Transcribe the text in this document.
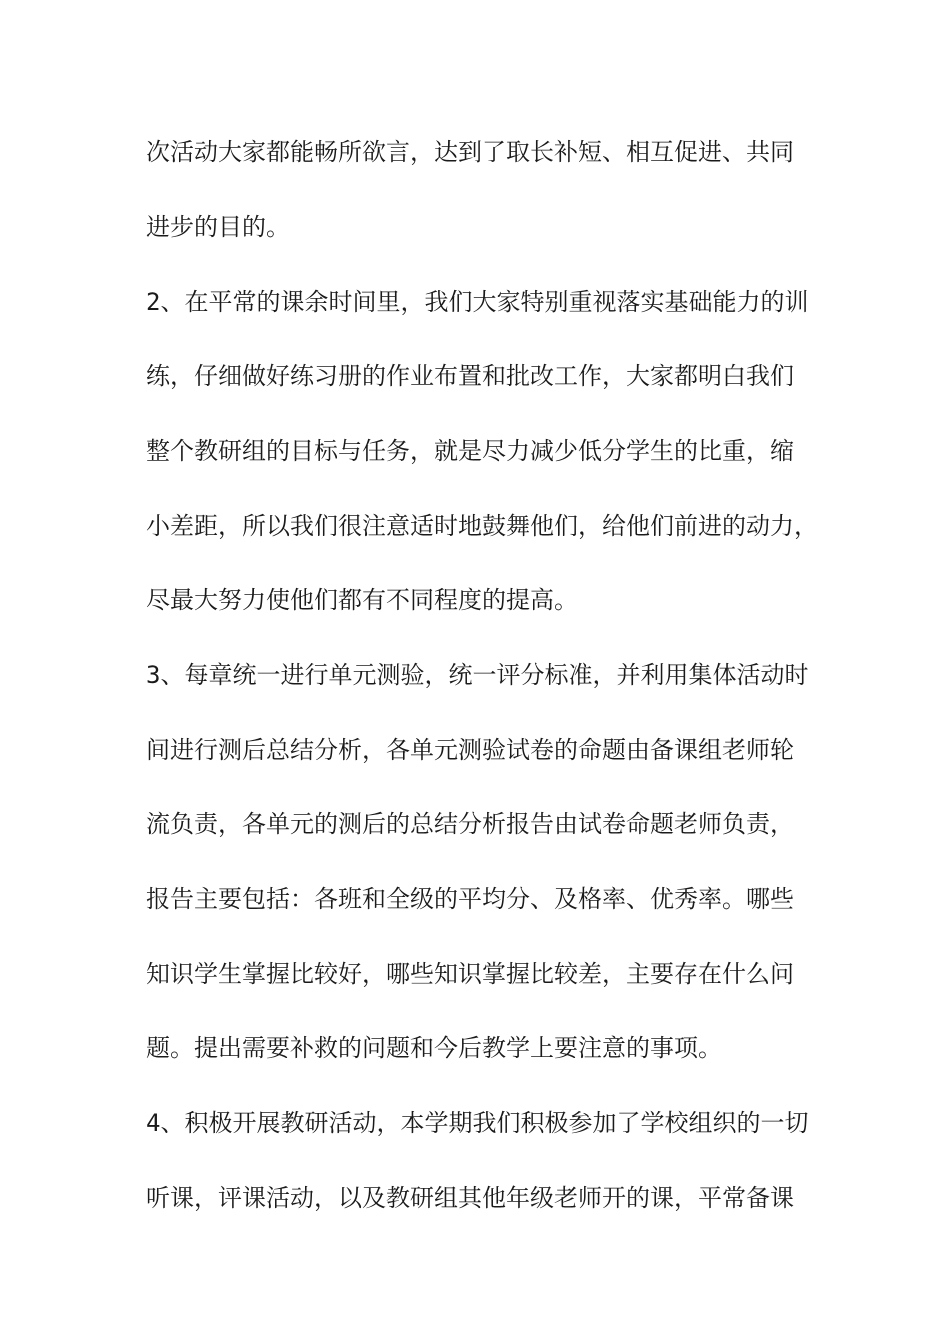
次活动大家都能畅所欲言，达到了取长补短、相互促进、共同

进步的目的。

2、在平常的课余时间里，我们大家特别重视落实基础能力的训

练，仔细做好练习册的作业布置和批改工作，大家都明白我们

整个教研组的目标与任务，就是尽力减少低分学生的比重，缩

小差距，所以我们很注意适时地鼓舞他们，给他们前进的动力，

尽最大努力使他们都有不同程度的提高。

3、每章统一进行单元测验，统一评分标准，并利用集体活动时

间进行测后总结分析，各单元测验试卷的命题由备课组老师轮

流负责，各单元的测后的总结分析报告由试卷命题老师负责，

报告主要包括：各班和全级的平均分、及格率、优秀率。哪些

知识学生掌握比较好，哪些知识掌握比较差，主要存在什么问

题。提出需要补救的问题和今后教学上要注意的事项。

4、积极开展教研活动，本学期我们积极参加了学校组织的一切

听课，评课活动，以及教研组其他年级老师开的课，平常备课
